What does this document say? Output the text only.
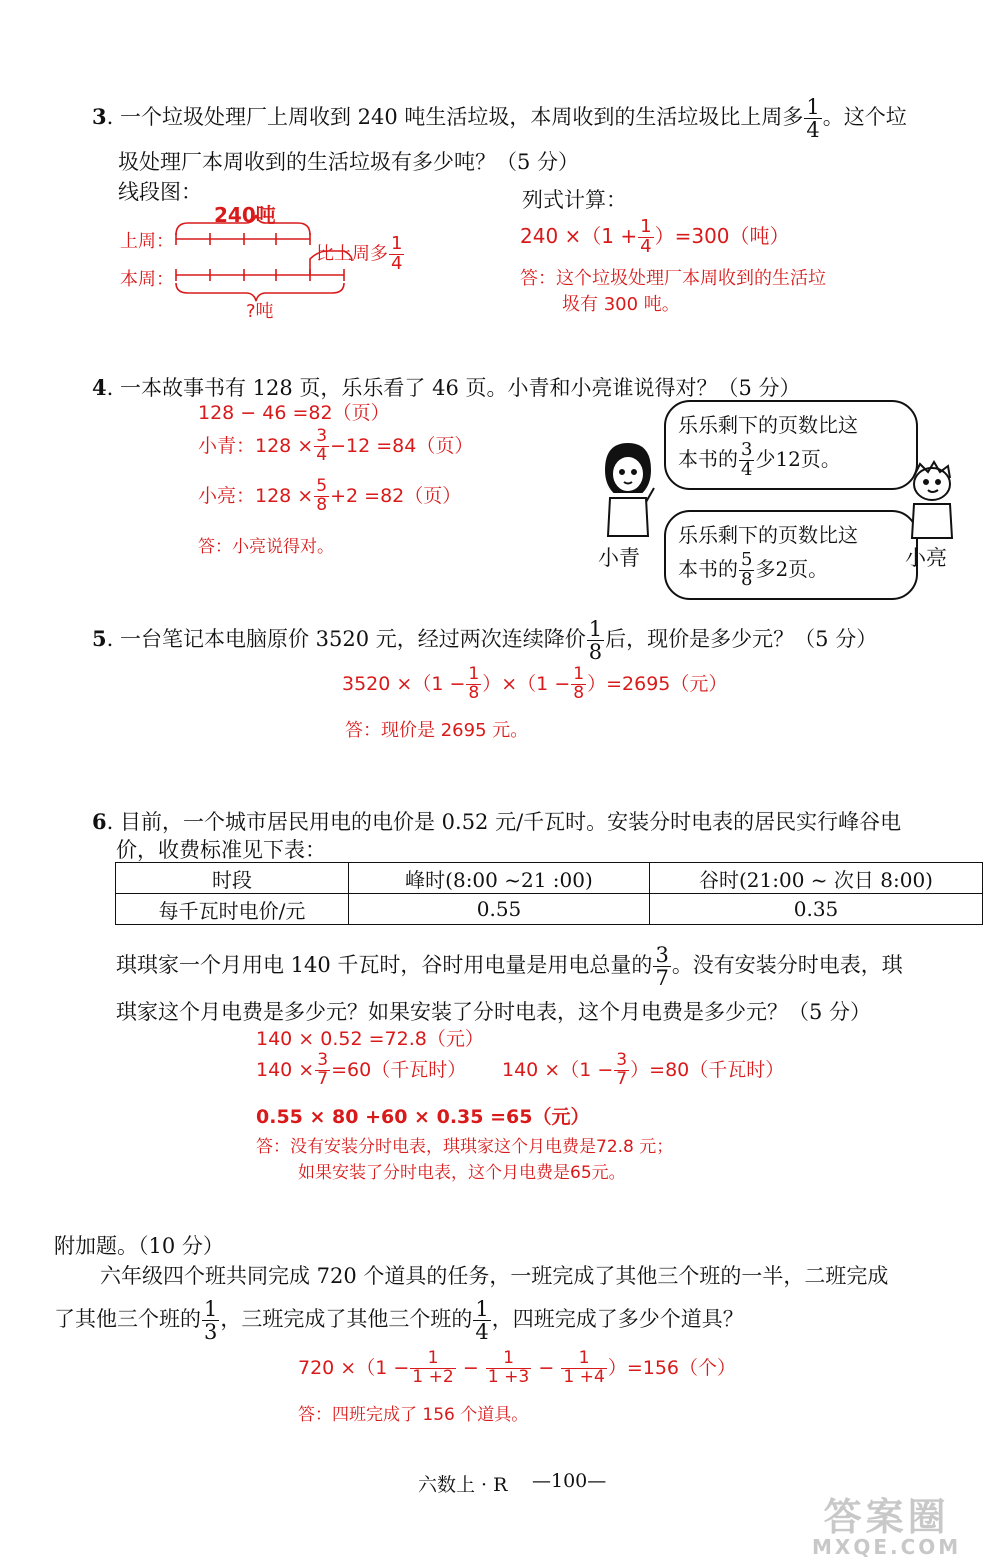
3. 一个垃圾处理厂上周收到 240 吨生活垃圾，本周收到的生活垃圾比上周多 $\frac{1}{4}$ 。这个垃
圾处理厂本周收到的生活垃圾有多少吨？（5 分）
线段图：	列式计算：
240吨
上周：
本周：
比上周多 $\frac{1}{4}$
?吨
$240 \times(1 + \frac{1}{4} )=300$（吨）
答：这个垃圾处理厂本周收到的生活垃
圾有 300 吨。
4. 一本故事书有 128 页，乐乐看了 46 页。小青和小亮谁说得对？（5 分）
128 − 46 =82（页）
小青：$128 \times \frac{3}{4} -12 =84$（页）
小亮：$128 \times \frac{5}{8} +2 =82$（页）
答：小亮说得对。
乐乐剩下的页数比这
本书的 $\frac{3}{4}$ 少12页。
乐乐剩下的页数比这
本书的 $\frac{5}{8}$ 多2页。
小青	小亮
5. 一台笔记本电脑原价 3520 元，经过两次连续降价 $\frac{1}{8}$ 后，现价是多少元？（5 分）
$3520 \times(1 - \frac{1}{8} )\times(1 - \frac{1}{8} )=2695$（元）
答：现价是 2695 元。
6. 目前，一个城市居民用电的电价是 0.52 元/千瓦时。安装分时电表的居民实行峰谷电
价，收费标准见下表：
时段	峰时(8:00 ~21 :00)	谷时(21:00 ~ 次日 8:00)
每千瓦时电价/元	0.55	0.35
琪琪家一个月用电 140 千瓦时，谷时用电量是用电总量的 $\frac{3}{7}$ 。没有安装分时电表，琪
琪家这个月电费是多少元？如果安装了分时电表，这个月电费是多少元？（5 分）
140 × 0.52 =72.8（元）
$140 \times \frac{3}{7} =60$（千瓦时） $140 \times(1 - \frac{3}{7} )=80$（千瓦时）
0.55 × 80 +60 × 0.35 =65（元）
答：没有安装分时电表，琪琪家这个月电费是72.8 元；
如果安装了分时电表，这个月电费是65元。
附加题。（10 分）
六年级四个班共同完成 720 个道具的任务，一班完成了其他三个班的一半，二班完成
了其他三个班的 $\frac{1}{3}$ ，三班完成了其他三个班的 $\frac{1}{4}$ ，四班完成了多少个道具？
$720 \times(1 - \frac{1}{1 +2} - \frac{1}{1 +3} - \frac{1}{1 +4} )=156$（个）
答：四班完成了 156 个道具。
六数上 · R —100—
答案圈
MXQE.COM
